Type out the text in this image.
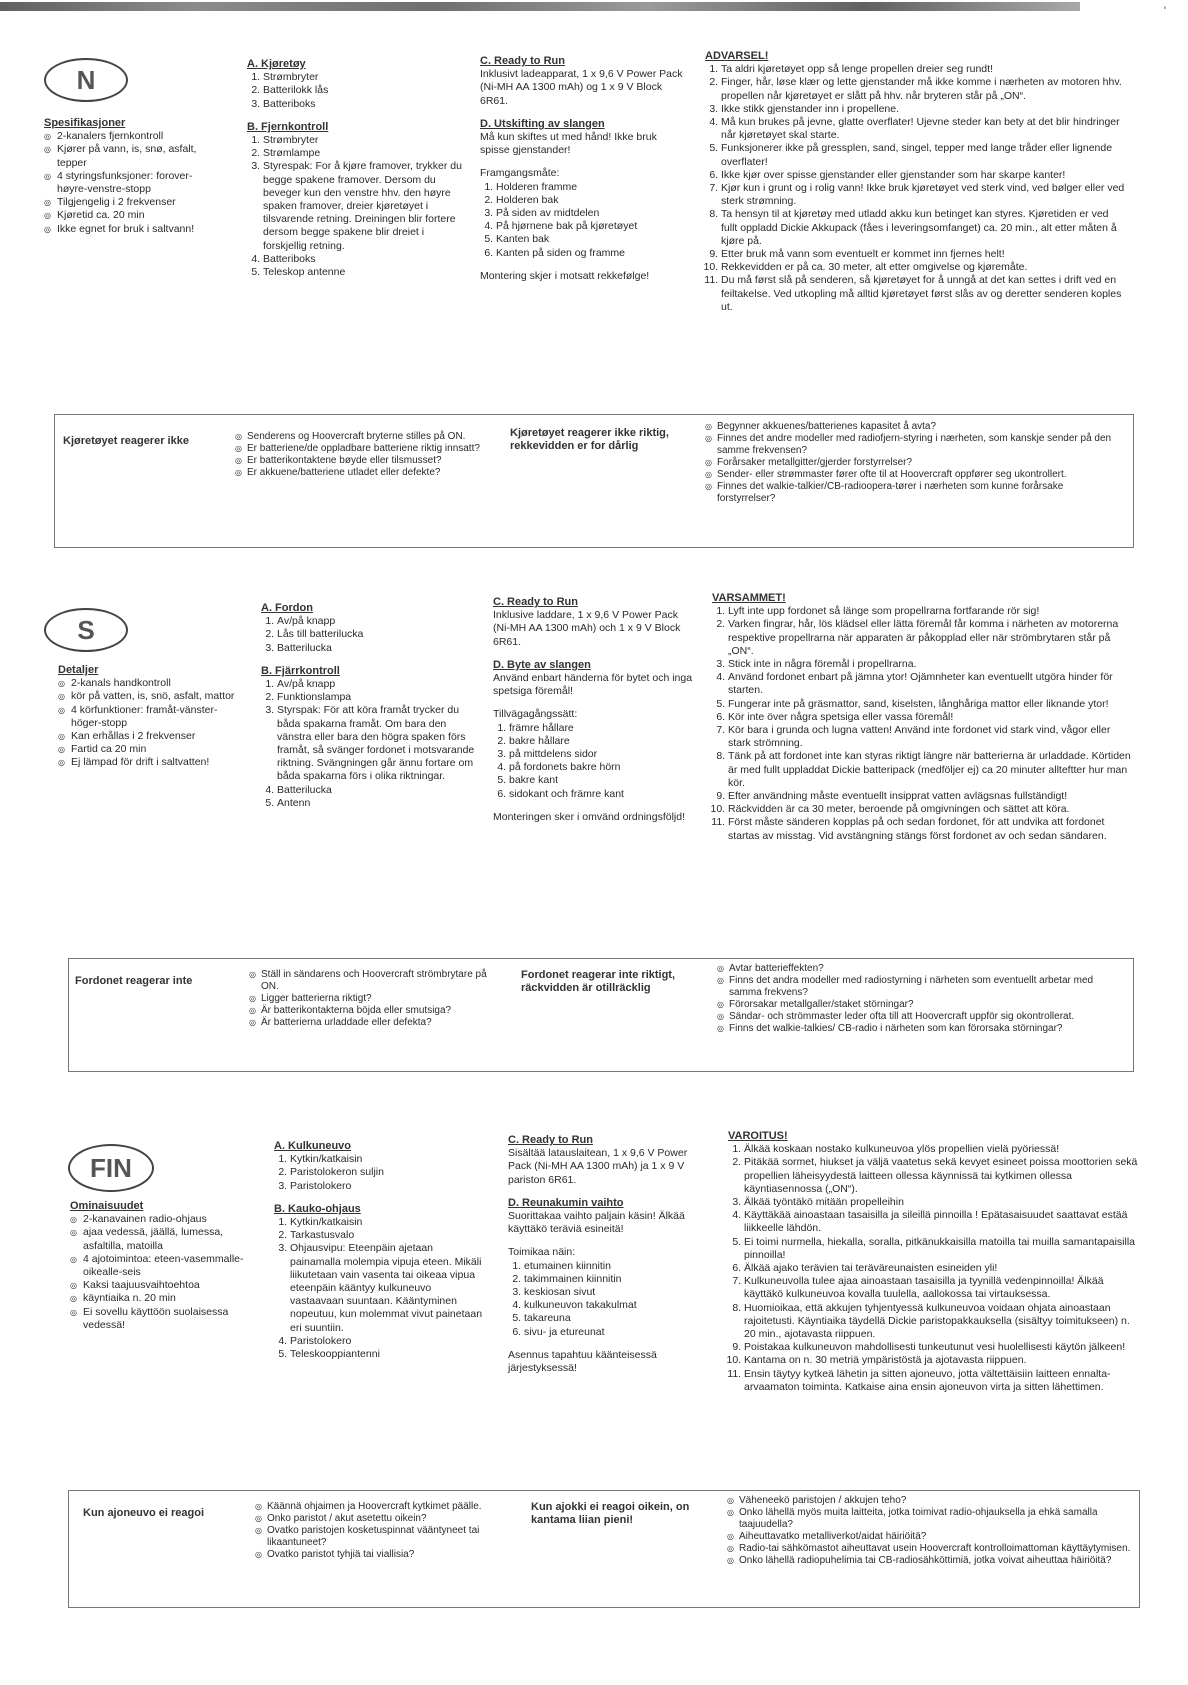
'
N
Spesifikasjoner
◎ 2-kanalers fjernkontroll
◎ Kjører på vann, is, snø, asfalt, tepper
◎ 4 styringsfunksjoner: forover-høyre-venstre-stopp
◎ Tilgjengelig i 2 frekvenser
◎ Kjøretid ca. 20 min
◎ Ikke egnet for bruk i saltvann!
A. Kjøretøy
1. Strømbryter
2. Batterilokk lås
3. Batteriboks
B. Fjernkontroll
1. Strømbryter
2. Strømlampe
3. Styrespak: For å kjøre framover, trykker du begge spakene framover. Dersom du beveger kun den venstre hhv. den høyre spaken framover, dreier kjøretøyet i tilsvarende retning. Dreiningen blir fortere dersom begge spakene blir dreiet i forskjellig retning.
4. Batteriboks
5. Teleskop antenne
C. Ready to Run

Inklusivt ladeapparat, 1 x 9,6 V Power Pack (Ni-MH AA 1300 mAh) og 1 x 9 V Block 6R61.

D. Utskifting av slangen

Må kun skiftes ut med hånd! Ikke bruk spisse gjenstander!

Framgangsmåte:

1. Holderen framme
2. Holderen bak
3. På siden av midtdelen
4. På hjørnene bak på kjøretøyet
5. Kanten bak
6. Kanten på siden og framme

Montering skjer i motsatt rekkefølge!

ADVARSEL!
1. Ta aldri kjøretøyet opp så lenge propellen dreier seg rundt!
2. Finger, hår, løse klær og lette gjenstander må ikke komme i nærheten av motoren hhv. propellen når kjøretøyet er slått på hhv. når bryteren står på „ON“.
3. Ikke stikk gjenstander inn i propellene.
4. Må kun brukes på jevne, glatte overflater! Ujevne steder kan bety at det blir hindringer når kjøretøyet skal starte.
5. Funksjonerer ikke på gressplen, sand, singel, tepper med lange tråder eller lignende overflater!
6. Ikke kjør over spisse gjenstander eller gjenstander som har skarpe kanter!
7. Kjør kun i grunt og i rolig vann! Ikke bruk kjøretøyet ved sterk vind, ved bølger eller ved sterk strømning.
8. Ta hensyn til at kjøretøy med utladd akku kun betinget kan styres. Kjøretiden er ved fullt oppladd Dickie Akkupack (fåes i leveringsomfanget) ca. 20 min., alt etter måten å kjøre på.
9. Etter bruk må vann som eventuelt er kommet inn fjernes helt!
10. Rekkevidden er på ca. 30 meter, alt etter omgivelse og kjøremåte.
11. Du må først slå på senderen, så kjøretøyet for å unngå at det kan settes i drift ved en feiltakelse. Ved utkopling må alltid kjøretøyet først slås av og deretter senderen koples ut.
Kjøretøyet reagerer ikke
◎	Senderens og Hoovercraft bryterne stilles på ON.
◎ Er batteriene/de oppladbare batteriene riktig innsatt?
◎ Er batterikontaktene bøyde eller tilsmusset?
◎ Er akkuene/batteriene utladet eller defekte?
Kjøretøyet reagerer ikke riktig, rekkevidden er for dårlig
◎ Begynner akkuenes/batterienes kapasitet å avta?
◎ Finnes det andre modeller med radiofjern-styring i nærheten, som kanskje sender på den samme frekvensen?
◎ Forårsaker metallgitter/gjerder forstyrrelser?
◎ Sender- eller strømmaster fører ofte til at Hoovercraft oppfører seg ukontrollert.
◎ Finnes det walkie-talkier/CB-radioopera-tører i nærheten som kunne forårsake forstyrrelser?
S
Detaljer
◎ 2-kanals handkontroll
◎ kör på vatten, is, snö, asfalt, mattor
◎ 4 körfunktioner: framåt-vänster-höger-stopp
◎ Kan erhållas i 2 frekvenser
◎ Fartid ca 20 min
◎ Ej lämpad för drift i saltvatten!
A. Fordon
1. Av/på knapp
2. Lås till batterilucka
3. Batterilucka
B. Fjärrkontroll
1. Av/på knapp
2. Funktionslampa
3. Styrspak: För att köra framåt trycker du båda spakarna framåt. Om bara den vänstra eller bara den högra spaken förs framåt, så svänger fordonet i motsvarande riktning. Svängningen går ännu fortare om båda spakarna förs i olika riktningar.
4. Batterilucka
5. Antenn
C. Ready to Run

Inklusive laddare, 1 x 9,6 V Power Pack (Ni-MH AA 1300 mAh) och 1 x 9 V Block 6R61.

D. Byte av slangen

Använd enbart händerna för bytet och inga spetsiga föremål!

Tillvägagångssätt:

1. främre hållare
2. bakre hållare
3. på mittdelens sidor
4. på fordonets bakre hörn
5. bakre kant
6. sidokant och främre kant

Monteringen sker i omvänd ordningsföljd!

VARSAMMET!
1. Lyft inte upp fordonet så länge som propellrarna fortfarande rör sig!
2. Varken fingrar, hår, lös klädsel eller lätta föremål får komma i närheten av motorerna respektive propellrarna när apparaten är påkopplad eller när strömbrytaren står på „ON“.
3. Stick inte in några föremål i propellrarna.
4. Använd fordonet enbart på jämna ytor! Ojämnheter kan eventuellt utgöra hinder för starten.
5. Fungerar inte på gräsmattor, sand, kiselsten, långhåriga mattor eller liknande ytor!
6. Kör inte över några spetsiga eller vassa föremål!
7. Kör bara i grunda och lugna vatten! Använd inte fordonet vid stark vind, vågor eller stark strömning.
8. Tänk på att fordonet inte kan styras riktigt längre när batterierna är urladdade. Körtiden är med fullt uppladdat Dickie batteripack (medföljer ej) ca 20 minuter allteftter hur man kör.
9. Efter användning måste eventuellt insipprat vatten avlägsnas fullständigt!
10. Räckvidden är ca 30 meter, beroende på omgivningen och sättet att köra.
11. Först måste sänderen kopplas på och sedan fordonet, för att undvika att fordonet startas av misstag. Vid avstängning stängs först fordonet av och sedan sändaren.
Fordonet reagerar inte
◎ Ställ in sändarens och Hoovercraft strömbrytare på ON.
◎ Ligger batterierna riktigt?
◎ Är batterikontakterna böjda eller smutsiga?
◎ Är batterierna urladdade eller defekta?
Fordonet reagerar inte riktigt, räckvidden är otillräcklig
◎ Avtar batterieffekten?
◎ Finns det andra modeller med radiostyrning i närheten som eventuellt arbetar med samma frekvens?
◎ Förorsakar metallgaller/staket störningar?
◎ Sändar- och strömmaster leder ofta till att Hoovercraft uppför sig okontrollerat.
◎ Finns det walkie-talkies/ CB-radio i närheten som kan förorsaka störningar?
FIN
Ominaisuudet
◎ 2-kanavainen radio-ohjaus
◎ ajaa vedessä, jäällä, lumessa, asfaltilla, matoilla
◎ 4 ajotoimintoa: eteen-vasemmalle-oikealle-seis
◎ Kaksi taajuusvaihtoehtoa
◎ käyntiaika n. 20 min
◎ Ei sovellu käyttöön suolaisessa vedessä!
A. Kulkuneuvo
1. Kytkin/katkaisin
2. Paristolokeron suljin
3. Paristolokero
B. Kauko-ohjaus
1. Kytkin/katkaisin
2. Tarkastusvalo
3. Ohjausvipu: Eteenpäin ajetaan painamalla molempia vipuja eteen. Mikäli liikutetaan vain vasenta tai oikeaa vipua eteenpäin kääntyy kulkuneuvo vastaavaan suuntaan. Kääntyminen nopeutuu, kun molemmat vivut painetaan eri suuntiin.
4. Paristolokero
5. Teleskooppiantenni
C. Ready to Run

Sisältää latauslaitean, 1 x 9,6 V Power Pack (Ni-MH AA 1300 mAh) ja 1 x 9 V pariston 6R61.

D. Reunakumin vaihto

Suorittakaa vaihto paljain käsin! Älkää käyttäkö teräviä esineitä!

Toimikaa näin:

1. etumainen kiinnitin
2. takimmainen kiinnitin
3. keskiosan sivut
4. kulkuneuvon takakulmat
5. takareuna
6. sivu- ja etureunat

Asennus tapahtuu käänteisessä järjestyksessä!

VAROITUS!
1. Älkää koskaan nostako kulkuneuvoa ylös propellien vielä pyöriessä!
2. Pitäkää sormet, hiukset ja väljä vaatetus sekä kevyet esineet poissa moottorien sekä propellien läheisyydestä laitteen ollessa käynnissä tai kytkimen ollessa käyntiasennossa („ON“).
3. Älkää työntäkö mitään propelleihin
4. Käyttäkää ainoastaan tasaisilla ja sileillä pinnoilla ! Epätasaisuudet saattavat estää liikkeelle lähdön.
5. Ei toimi nurmella, hiekalla, soralla, pitkänukkaisilla matoilla tai muilla samantapaisilla pinnoilla!
6. Älkää ajako terävien tai teräväreunaisten esineiden yli!
7. Kulkuneuvolla tulee ajaa ainoastaan tasaisilla ja tyynillä vedenpinnoilla! Älkää käyttäkö kulkuneuvoa kovalla tuulella, aallokossa tai virtauksessa.
8. Huomioikaa, että akkujen tyhjentyessä kulkuneuvoa voidaan ohjata ainoastaan rajoitetusti. Käyntiaika täydellä Dickie paristopakkauksella (sisältyy toimitukseen) n. 20 min., ajotavasta riippuen.
9. Poistakaa kulkuneuvon mahdollisesti tunkeutunut vesi huolellisesti käytön jälkeen!
10. Kantama on n. 30 metriä ympäristöstä ja ajotavasta riippuen.
11. Ensin täytyy kytkeä lähetin ja sitten ajoneuvo, jotta vältettäisiin laitteen ennalta-arvaamaton toiminta. Katkaise aina ensin ajoneuvon virta ja sitten lähettimen.
Kun ajoneuvo ei reagoi
◎ Käännä ohjaimen ja Hoovercraft kytkimet päälle.
◎ Onko paristot / akut asetettu oikein?
◎ Ovatko paristojen kosketuspinnat vääntyneet tai likaantuneet?
◎ Ovatko paristot tyhjiä tai viallisia?
Kun ajokki ei reagoi oikein, on kantama liian pieni!
◎ Väheneekö paristojen / akkujen teho?
◎ Onko lähellä myös muita laitteita, jotka toimivat radio-ohjauksella ja ehkä samalla taajuudella?
◎ Aiheuttavatko metalliverkot/aidat häiriöitä?
◎ Radio-tai sähkömastot aiheuttavat usein Hoovercraft kontrolloimattoman käyttäytymisen.
◎ Onko lähellä radiopuhelimia tai CB-radiosähköttimiä, jotka voivat aiheuttaa häiriöitä?
